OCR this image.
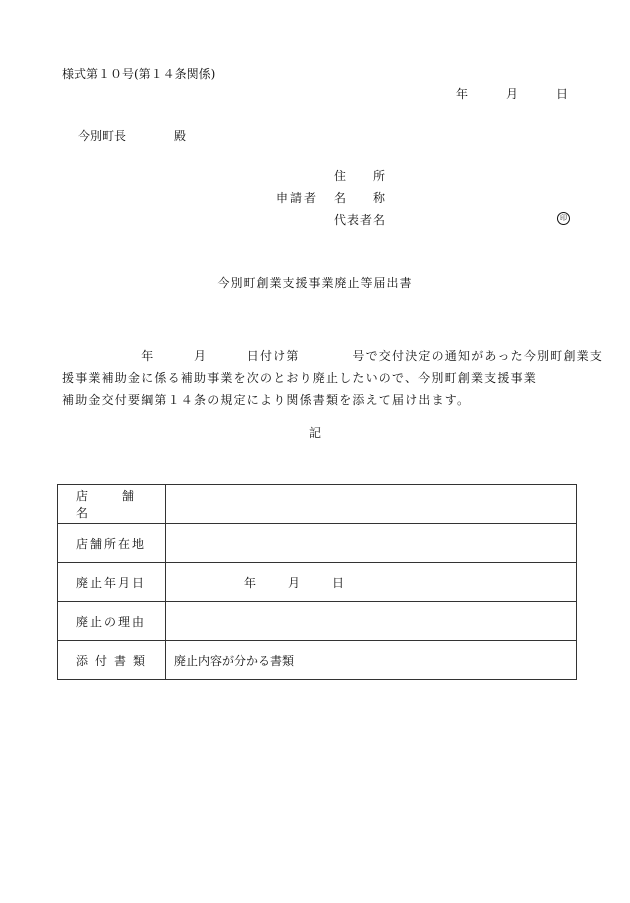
様式第１０号(第１４条関係)
年	月	日
今別町長	殿
申請者
住　　所
名　　称
代表者名	印
今別町創業支援事業廃止等届出書
　　　　　　年　　　月　　　日付け第　　　　号で交付決定の通知があった今別町創業支
援事業補助金に係る補助事業を次のとおり廃止したいので、今別町創業支援事業
補助金交付要綱第１４条の規定により関係書類を添えて届け出ます。
記
店　舗　名	
店舗所在地	
廃止年月日	年 月 日

廃止の理由	
添付書類	廃止内容が分かる書類
